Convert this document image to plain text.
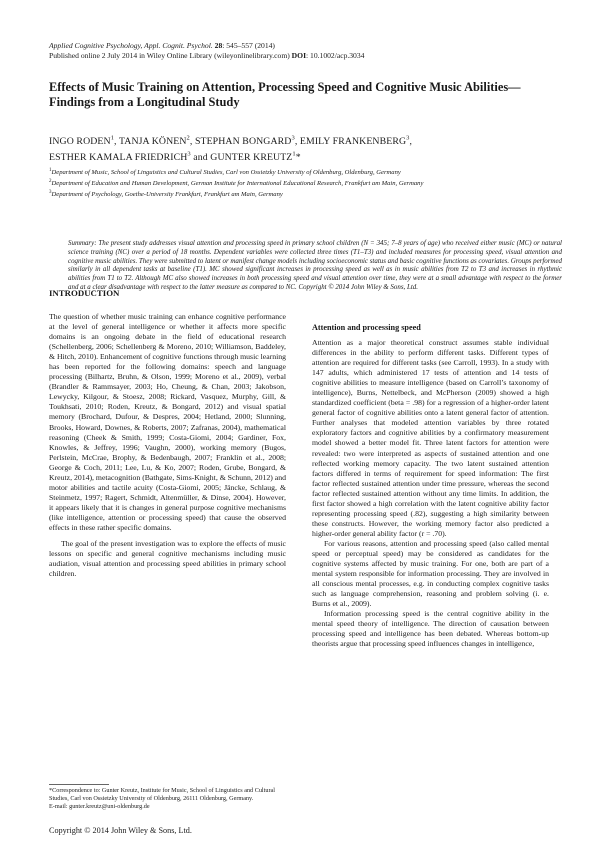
Applied Cognitive Psychology, Appl. Cognit. Psychol. 28: 545–557 (2014)
Published online 2 July 2014 in Wiley Online Library (wileyonlinelibrary.com) DOI: 10.1002/acp.3034
Effects of Music Training on Attention, Processing Speed and Cognitive Music Abilities—Findings from a Longitudinal Study
INGO RODEN$^1$, TANJA KÖNEN$^2$, STEPHAN BONGARD$^3$, EMILY FRANKENBERG$^3$,
ESTHER KAMALA FRIEDRICH$^3$ and GUNTER KREUTZ$^1$*
$^1$Department of Music, School of Linguistics and Cultural Studies, Carl von Ossietzky University of Oldenburg, Oldenburg, Germany
$^2$Department of Education and Human Development, German Institute for International Educational Research, Frankfurt am Main, Germany
$^3$Department of Psychology, Goethe-University Frankfurt, Frankfurt am Main, Germany
Summary: The present study addresses visual attention and processing speed in primary school children (N = 345; 7–8 years of age) who received either music (MC) or natural science training (NC) over a period of 18 months. Dependent variables were collected three times (T1–T3) and included measures for processing speed, visual attention and cognitive music abilities. They were submitted to latent or manifest change models including socioeconomic status and basic cognitive functions as covariates. Groups performed similarly in all dependent tasks at baseline (T1). MC showed significant increases in processing speed as well as in music abilities from T2 to T3 and increases in rhythmic abilities from T1 to T2. Although MC also showed increases in both processing speed and visual attention over time, they were at a small advantage with respect to the former and at a clear disadvantage with respect to the latter measure as compared to NC. Copyright © 2014 John Wiley & Sons, Ltd.
INTRODUCTION

The question of whether music training can enhance cognitive performance at the level of general intelligence or whether it affects more specific domains is an ongoing debate in the field of educational research (Schellenberg, 2006; Schellenberg & Moreno, 2010; Williamson, Baddeley, & Hitch, 2010). Enhancement of cognitive functions through music learning has been reported for the following domains: speech and language processing (Bilhartz, Bruhn, & Olson, 1999; Moreno et al., 2009), verbal (Brandler & Rammsayer, 2003; Ho, Cheung, & Chan, 2003; Jakobson, Lewycky, Kilgour, & Stoesz, 2008; Rickard, Vasquez, Murphy, Gill, & Toukhsati, 2010; Roden, Kreutz, & Bongard, 2012) and visual spatial memory (Brochard, Dufour, & Despres, 2004; Hetland, 2000; Slunning, Brooks, Howard, Downes, & Roberts, 2007; Zafranas, 2004), mathematical reasoning (Cheek & Smith, 1999; Costa-Giomi, 2004; Gardiner, Fox, Knowles, & Jeffrey, 1996; Vaughn, 2000), working memory (Bugos, Perlstein, McCrae, Brophy, & Bedenbaugh, 2007; Franklin et al., 2008; George & Coch, 2011; Lee, Lu, & Ko, 2007; Roden, Grube, Bongard, & Kreutz, 2014), metacognition (Bathgate, Sims-Knight, & Schunn, 2012) and motor abilities and tactile acuity (Costa-Giomi, 2005; Jäncke, Schlaug, & Steinmetz, 1997; Ragert, Schmidt, Altenmüller, & Dinse, 2004). However, it appears likely that it is changes in general purpose cognitive mechanisms (like intelligence, attention or processing speed) that cause the observed effects in these rather specific domains.

The goal of the present investigation was to explore the effects of music lessons on specific and general cognitive mechanisms including music audiation, visual attention and processing speed abilities in primary school children.

Attention and processing speed

Attention as a major theoretical construct assumes stable individual differences in the ability to perform different tasks. Different types of attention are required for different tasks (see Carroll, 1993). In a study with 147 adults, which administered 17 tests of attention and 14 tests of cognitive abilities to measure intelligence (based on Carroll’s taxonomy of intelligence), Burns, Nettelbeck, and McPherson (2009) showed a high standardized coefficient (beta = .98) for a regression of a higher-order latent general factor of cognitive abilities onto a latent general factor of attention. Further analyses that modeled attention variables by three rotated exploratory factors and cognitive abilities by a confirmatory measurement model showed a better model fit. Three latent factors for attention were revealed: two were interpreted as aspects of sustained attention and one reflected working memory capacity. The two latent sustained attention factors differed in terms of requirement for speed information: The first factor reflected sustained attention under time pressure, whereas the second factor reflected sustained attention without any time limits. In addition, the first factor showed a high correlation with the latent cognitive ability factor representing processing speed (.82), suggesting a high similarity between these constructs. However, the working memory factor also predicted a higher-order general ability factor (r = .70).

For various reasons, attention and processing speed (also called mental speed or perceptual speed) may be considered as candidates for the cognitive systems affected by music training. For one, both are part of a mental system responsible for information processing. They are involved in all conscious mental processes, e.g. in conducting complex cognitive tasks such as language comprehension, reasoning and problem solving (i. e. Burns et al., 2009).

Information processing speed is the central cognitive ability in the mental speed theory of intelligence. The direction of causation between processing speed and intelligence has been debated. Whereas bottom-up theorists argue that processing speed influences changes in intelligence,

*Correspondence to: Gunter Kreutz, Institute for Music, School of Linguistics and Cultural Studies, Carl von Ossietzky University of Oldenburg, 26111 Oldenburg, Germany.
E-mail: gunter.kreutz@uni-oldenburg.de
Copyright © 2014 John Wiley & Sons, Ltd.
